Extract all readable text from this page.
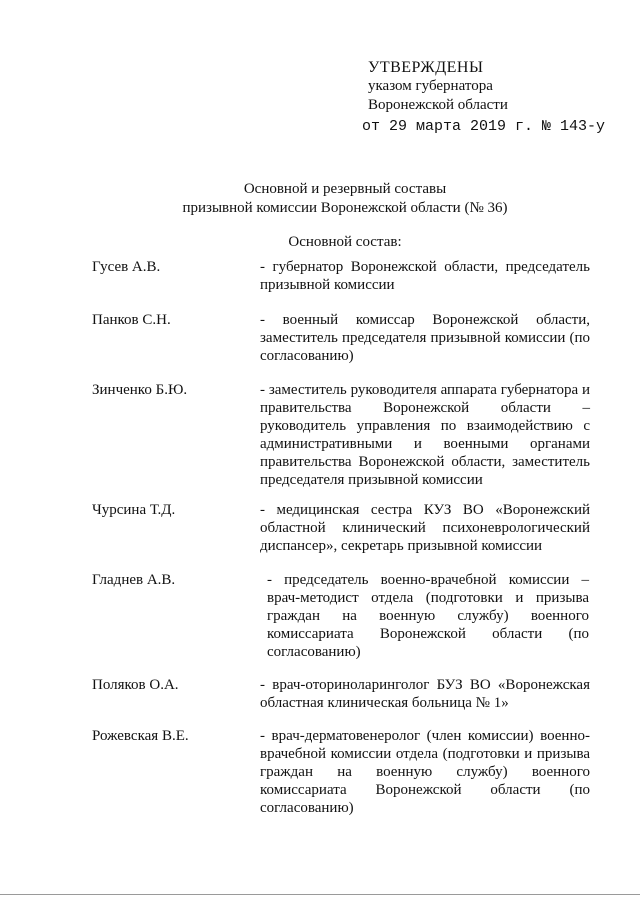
УТВЕРЖДЕНЫ
указом губернатора
Воронежской области
от 29 марта 2019 г. № 143-у
Основной и резервный составы
призывной комиссии Воронежской области (№ 36)
Основной состав:
Гусев А.В.	- губернатор Воронежской области, председатель призывной комиссии
Панков С.Н.	- военный комиссар Воронежской области, заместитель председателя призывной комиссии (по согласованию)
Зинченко Б.Ю.	- заместитель руководителя аппарата губернатора и правительства Воронежской области – руководитель управления по взаимодействию с административными и военными органами правительства Воронежской области, заместитель председателя призывной комиссии
Чурсина Т.Д.	- медицинская сестра КУЗ ВО «Воронежский областной клинический психоневрологический диспансер», секретарь призывной комиссии
Гладнев А.В.	- председатель военно-врачебной комиссии – врач-методист отдела (подготовки и призыва граждан на военную службу) военного комиссариата Воронежской области (по согласованию)
Поляков О.А.	- врач-оториноларинголог БУЗ ВО «Воронежская областная клиническая больница № 1»
Рожевская В.Е.	- врач-дерматовенеролог (член комиссии) военно-врачебной комиссии отдела (подготовки и призыва граждан на военную службу) военного комиссариата Воронежской области (по согласованию)
